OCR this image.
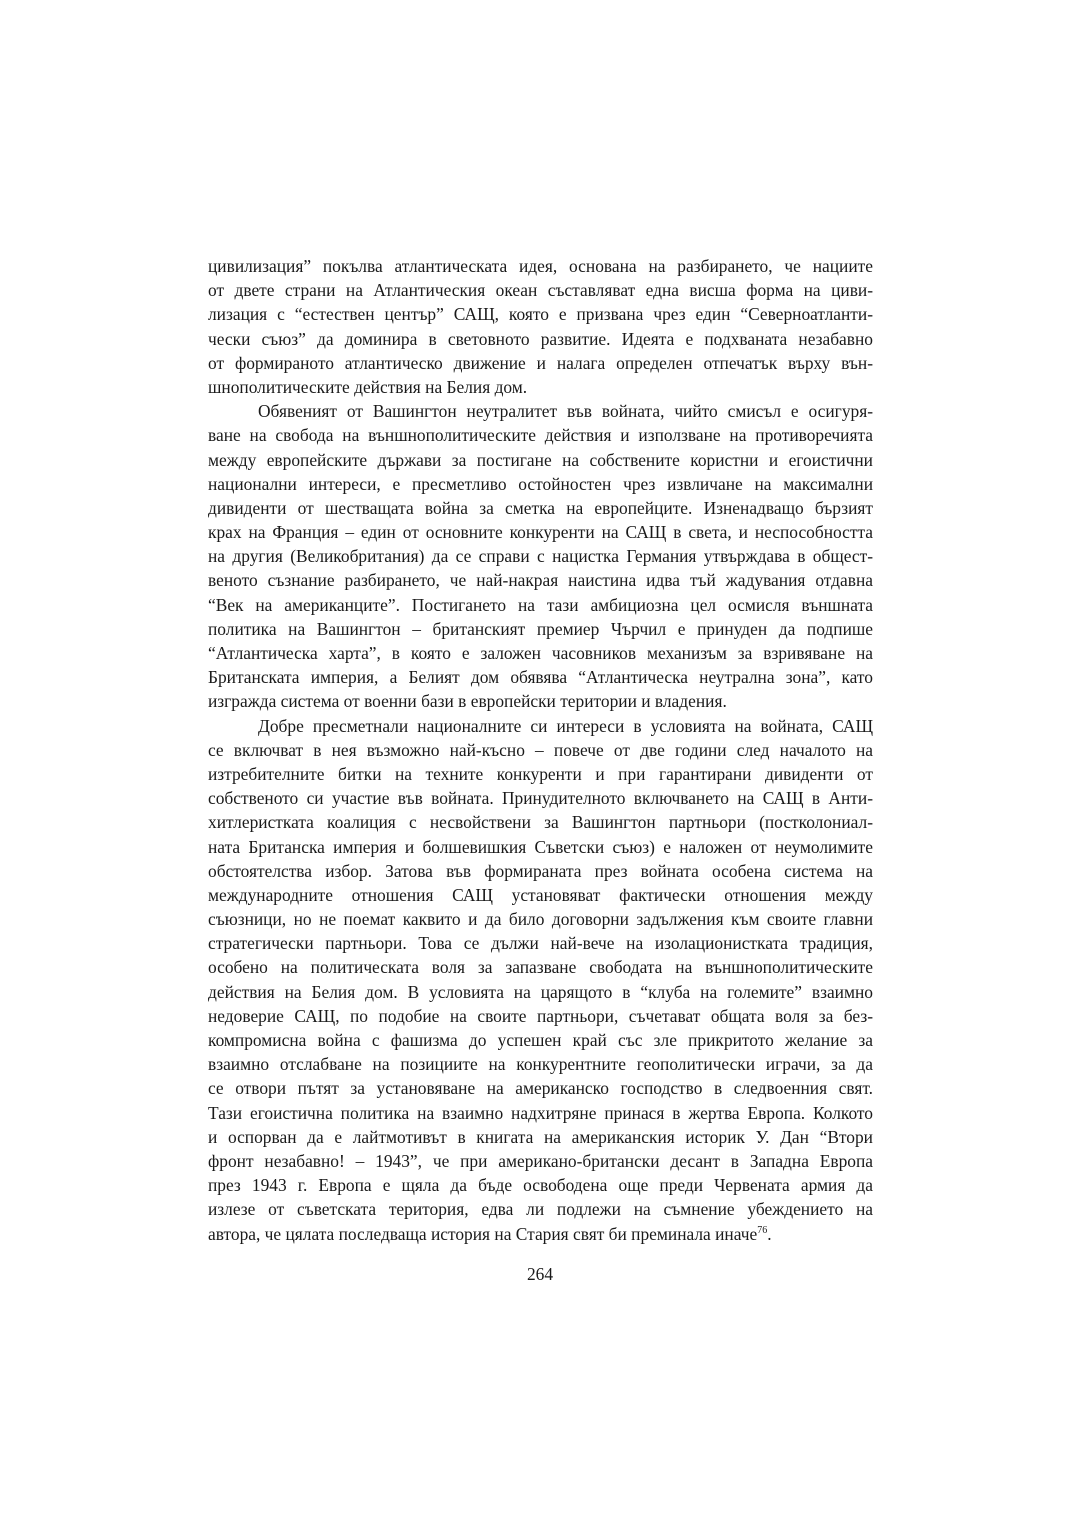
цивилизация” покълва атлантическата идея, основана на разбирането, че нациите
от двете страни на Атлантическия океан съставляват една висша форма на циви-
лизация с “естествен център” САЩ, която е призвана чрез един “Северноатланти-
чески съюз” да доминира в световното развитие. Идеята е подхваната незабавно
от формираното атлантическо движение и налага определен отпечатък върху вън-
шнополитическите действия на Белия дом.
Обявеният от Вашингтон неутралитет във войната, чийто смисъл е осигуря-
ване на свобода на външнополитическите действия и използване на противоречията
между европейските държави за постигане на собствените користни и егоистични
национални интереси, е пресметливо остойностен чрез извличане на максимални
дивиденти от шестващата война за сметка на европейците. Изненадващо бързият
крах на Франция – един от основните конкуренти на САЩ в света, и неспособността
на другия (Великобритания) да се справи с нацистка Германия утвърждава в общест-
веното съзнание разбирането, че най-накрая наистина идва тъй жадувания отдавна
“Век на американците”. Постигането на тази амбициозна цел осмисля външната
политика на Вашингтон – британският премиер Чърчил е принуден да подпише
“Атлантическа харта”, в която е заложен часовников механизъм за взривяване на
Британската империя, а Белият дом обявява “Атлантическа неутрална зона”, като
изгражда система от военни бази в европейски територии и владения.
Добре пресметнали националните си интереси в условията на войната, САЩ
се включват в нея възможно най-късно – повече от две години след началото на
изтребителните битки на техните конкуренти и при гарантирани дивиденти от
собственото си участие във войната. Принудителното включването на САЩ в Анти-
хитлеристката коалиция с несвойствени за Вашингтон партньори (постколониал-
ната Британска империя и болшевишкия Съветски съюз) е наложен от неумолимите
обстоятелства избор. Затова във формираната през войната особена система на
международните отношения САЩ установяват фактически отношения между
съюзници, но не поемат каквито и да било договорни задължения към своите главни
стратегически партньори. Това се дължи най-вече на изолационистката традиция,
особено на политическата воля за запазване свободата на външнополитическите
действия на Белия дом. В условията на царящото в “клуба на големите” взаимно
недоверие САЩ, по подобие на своите партньори, съчетават общата воля за без-
компромисна война с фашизма до успешен край със зле прикритото желание за
взаимно отслабване на позициите на конкурентните геополитически играчи, за да
се отвори пътят за установяване на американско господство в следвоенния свят.
Тази егоистична политика на взаимно надхитряне принася в жертва Европа. Колкото
и оспорван да е лайтмотивът в книгата на американския историк У. Дан “Втори
фронт незабавно! – 1943”, че при американо-британски десант в Западна Европа
през 1943 г. Европа е щяла да бъде освободена още преди Червената армия да
излезе от съветската територия, едва ли подлежи на съмнение убеждението на
автора, че цялата последваща история на Стария свят би преминала иначе$^{76}$.
264
